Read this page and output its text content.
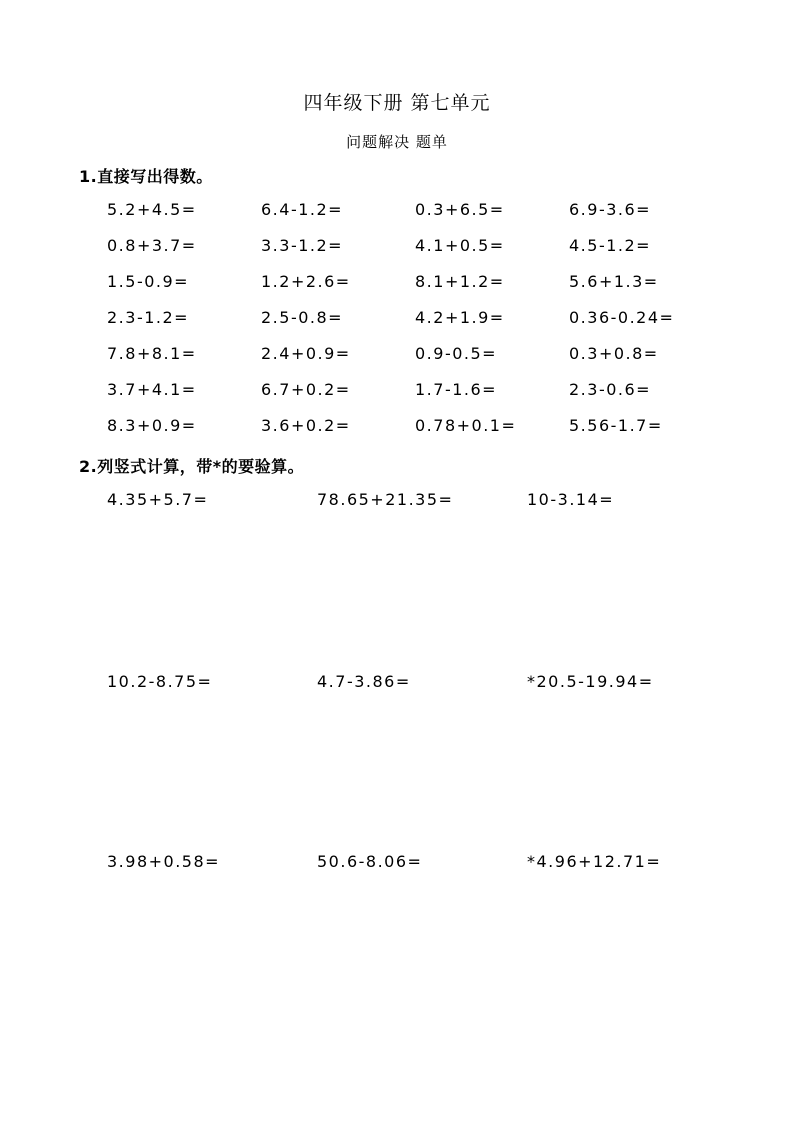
四年级下册 第七单元
问题解决 题单
1.直接写出得数。
5.2+4.5=	6.4-1.2=	0.3+6.5=	6.9-3.6=
0.8+3.7=	3.3-1.2=	4.1+0.5=	4.5-1.2=
1.5-0.9=	1.2+2.6=	8.1+1.2=	5.6+1.3=
2.3-1.2=	2.5-0.8=	4.2+1.9=	0.36-0.24=
7.8+8.1=	2.4+0.9=	0.9-0.5=	0.3+0.8=
3.7+4.1=	6.7+0.2=	1.7-1.6=	2.3-0.6=
8.3+0.9=	3.6+0.2=	0.78+0.1=	5.56-1.7=
2.列竖式计算，带*的要验算。
4.35+5.7=	78.65+21.35=	10-3.14=
10.2-8.75=	4.7-3.86=	*20.5-19.94=
3.98+0.58=	50.6-8.06=	*4.96+12.71=
